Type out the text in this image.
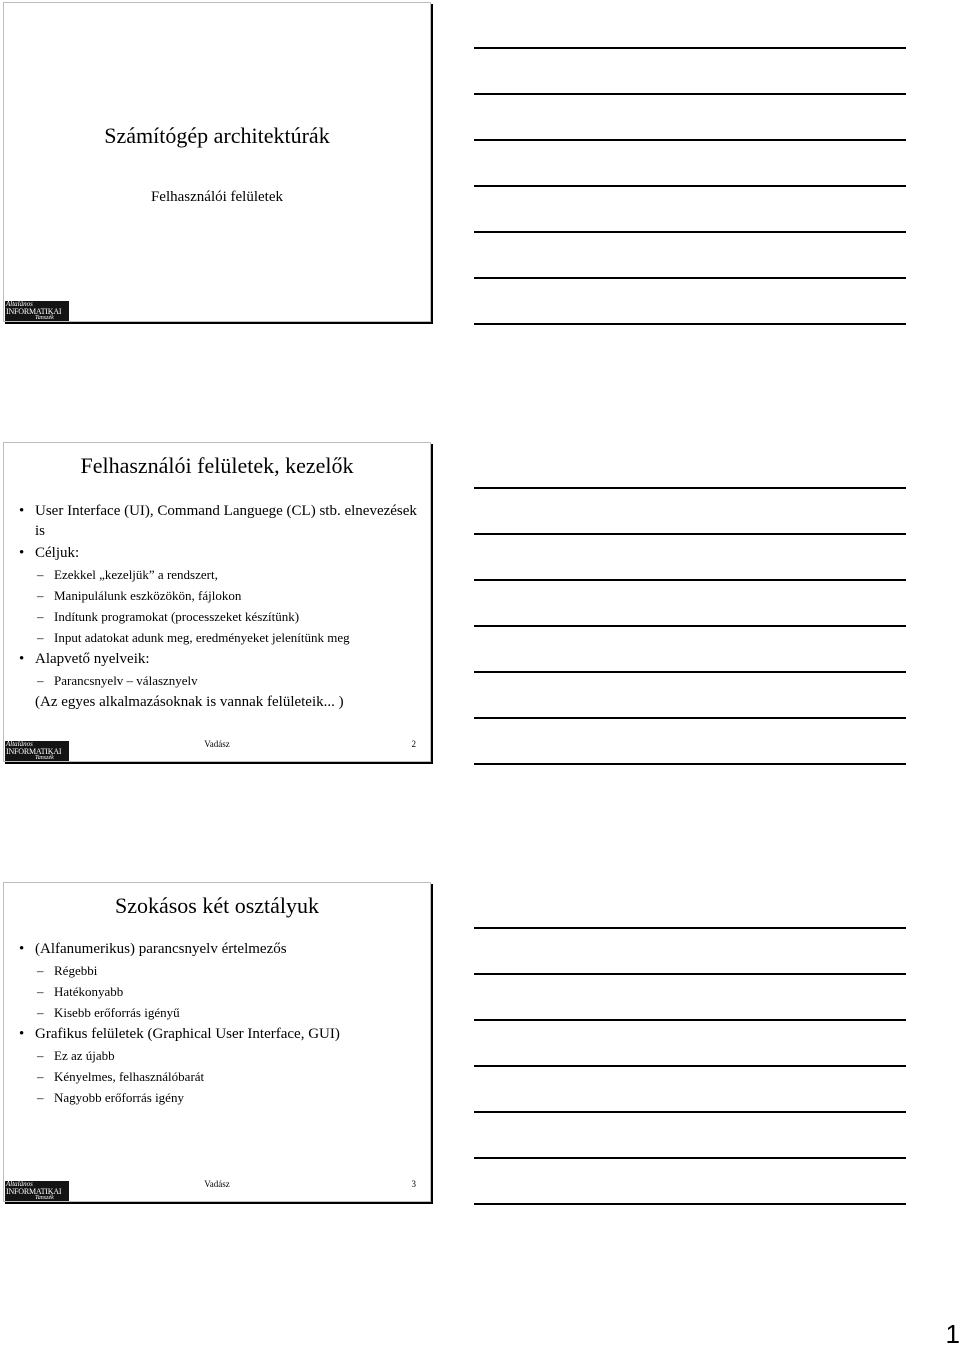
Számítógép architektúrák
Felhasználói felületek
Általános
INFORMATIKAI
Tanszék
Felhasználói felületek, kezelők
• User Interface (UI), Command Languege (CL) stb. elnevezések is
• Céljuk:
– Ezekkel „kezeljük” a rendszert,
– Manipulálunk eszközökön, fájlokon
– Indítunk programokat (processzeket készítünk)
– Input adatokat adunk meg, eredményeket jelenítünk meg
• Alapvető nyelveik:
– Parancsnyelv – válasznyelv
(Az egyes alkalmazásoknak is vannak felületeik... )
Vadász	2
Általános
INFORMATIKAI
Tanszék
Szokásos két osztályuk
• (Alfanumerikus) parancsnyelv értelmezős
– Régebbi
– Hatékonyabb
– Kisebb erőforrás igényű
• Grafikus felületek (Graphical User Interface, GUI)
– Ez az újabb
– Kényelmes, felhasználóbarát
– Nagyobb erőforrás igény
Vadász	3
Általános
INFORMATIKAI
Tanszék
1
